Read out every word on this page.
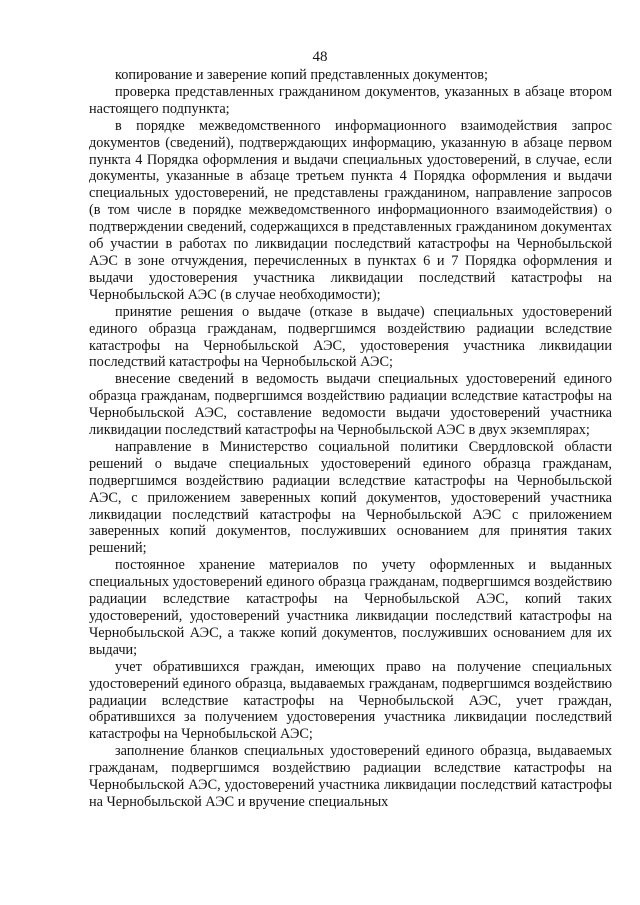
48

копирование и заверение копий представленных документов;

проверка представленных гражданином документов, указанных в абзаце втором настоящего подпункта;

в порядке межведомственного информационного взаимодействия запрос документов (сведений), подтверждающих информацию, указанную в абзаце первом пункта 4 Порядка оформления и выдачи специальных удостоверений, в случае, если документы, указанные в абзаце третьем пункта 4 Порядка оформления и выдачи специальных удостоверений, не представлены гражданином, направление запросов (в том числе в порядке межведомственного информационного взаимодействия) о подтверждении сведений, содержащихся в представленных гражданином документах об участии в работах по ликвидации последствий катастрофы на Чернобыльской АЭС в зоне отчуждения, перечисленных в пунктах 6 и 7 Порядка оформления и выдачи удостоверения участника ликвидации последствий катастрофы на Чернобыльской АЭС (в случае необходимости);

принятие решения о выдаче (отказе в выдаче) специальных удостоверений единого образца гражданам, подвергшимся воздействию радиации вследствие катастрофы на Чернобыльской АЭС, удостоверения участника ликвидации последствий катастрофы на Чернобыльской АЭС;

внесение сведений в ведомость выдачи специальных удостоверений единого образца гражданам, подвергшимся воздействию радиации вследствие катастрофы на Чернобыльской АЭС, составление ведомости выдачи удостоверений участника ликвидации последствий катастрофы на Чернобыльской АЭС в двух экземплярах;

направление в Министерство социальной политики Свердловской области решений о выдаче специальных удостоверений единого образца гражданам, подвергшимся воздействию радиации вследствие катастрофы на Чернобыльской АЭС, с приложением заверенных копий документов, удостоверений участника ликвидации последствий катастрофы на Чернобыльской АЭС с приложением заверенных копий документов, послуживших основанием для принятия таких решений;

постоянное хранение материалов по учету оформленных и выданных специальных удостоверений единого образца гражданам, подвергшимся воздействию радиации вследствие катастрофы на Чернобыльской АЭС, копий таких удостоверений, удостоверений участника ликвидации последствий катастрофы на Чернобыльской АЭС, а также копий документов, послуживших основанием для их выдачи;

учет обратившихся граждан, имеющих право на получение специальных удостоверений единого образца, выдаваемых гражданам, подвергшимся воздействию радиации вследствие катастрофы на Чернобыльской АЭС, учет граждан, обратившихся за получением удостоверения участника ликвидации последствий катастрофы на Чернобыльской АЭС;

заполнение бланков специальных удостоверений единого образца, выдаваемых гражданам, подвергшимся воздействию радиации вследствие катастрофы на Чернобыльской АЭС, удостоверений участника ликвидации последствий катастрофы на Чернобыльской АЭС и вручение специальных
